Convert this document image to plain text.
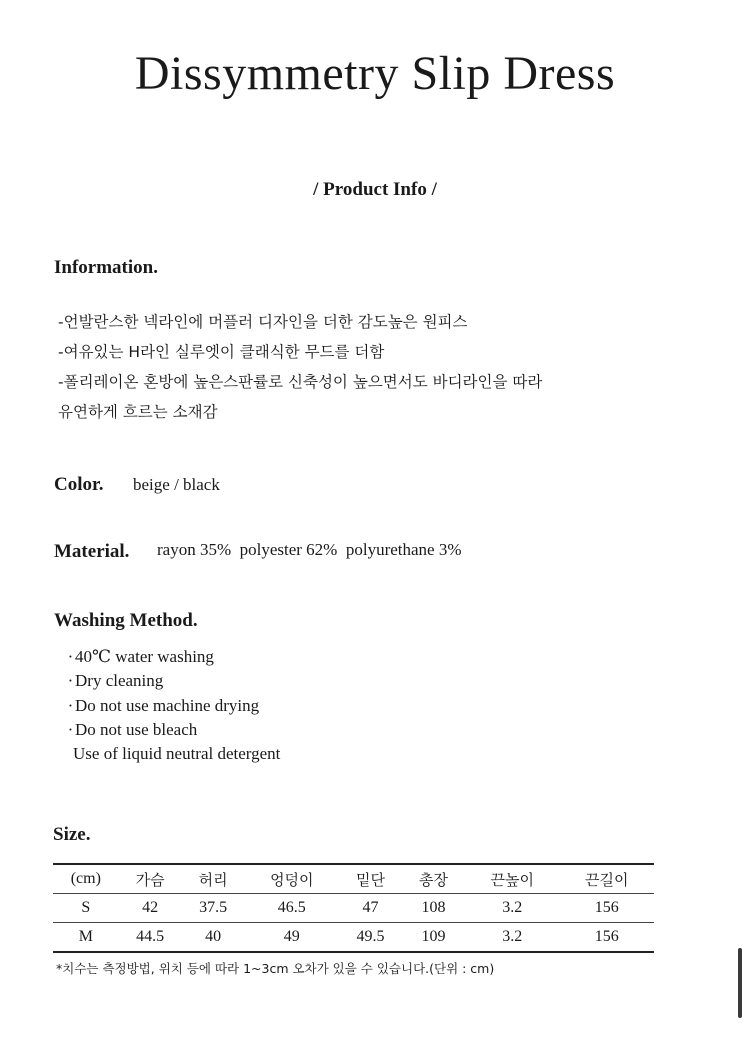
Dissymmetry Slip Dress
/ Product Info /
Information.
-언발란스한 넥라인에 머플러 디자인을 더한 감도높은 원피스
-여유있는 H라인 실루엣이 클래식한 무드를 더함
-폴리레이온 혼방에 높은스판률로 신축성이 높으면서도 바디라인을 따라
유연하게 흐르는 소재감
Color. beige / black
Material. rayon 35%  polyester 62%  polyurethane 3%
Washing Method.
·40℃ water washing
·Dry cleaning
·Do not use machine drying
·Do not use bleach
Use of liquid neutral detergent
Size.
(cm)	가슴	허리	엉덩이	밑단	총장	끈높이	끈길이
S	42	37.5	46.5	47	108	3.2	156
M	44.5	40	49	49.5	109	3.2	156
*치수는 측정방법, 위치 등에 따라 1~3cm 오차가 있을 수 있습니다.(단위 : cm)
